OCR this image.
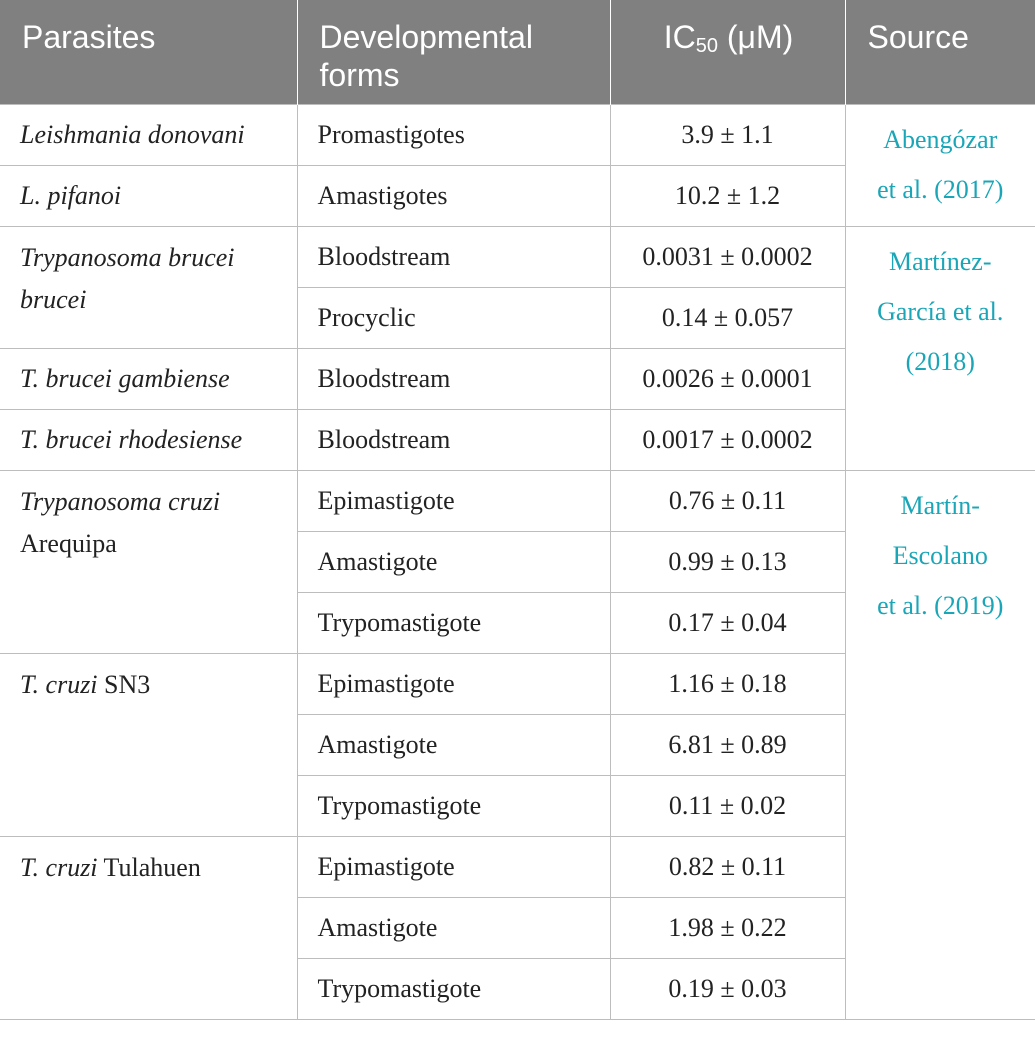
Parasites	Developmental forms	$IC_{50}$ (μM)	Source
Leishmania donovani	Promastigotes	3.9 ± 1.1	Abengózar
et al. (2017)
L. pifanoi	Amastigotes	10.2 ± 1.2	
Trypanosoma brucei brucei	Bloodstream	0.0031 ± 0.0002	Martínez-
García et al.
(2018)
	Procyclic	0.14 ± 0.057	
T. brucei gambiense	Bloodstream	0.0026 ± 0.0001	
T. brucei rhodesiense	Bloodstream	0.0017 ± 0.0002	
Trypanosoma cruzi
Arequipa	Epimastigote	0.76 ± 0.11	Martín-
Escolano
et al. (2019)
	Amastigote	0.99 ± 0.13	
	Trypomastigote	0.17 ± 0.04	
T. cruzi SN3	Epimastigote	1.16 ± 0.18	
	Amastigote	6.81 ± 0.89	
	Trypomastigote	0.11 ± 0.02	
T. cruzi Tulahuen	Epimastigote	0.82 ± 0.11	
	Amastigote	1.98 ± 0.22	
	Trypomastigote	0.19 ± 0.03	
